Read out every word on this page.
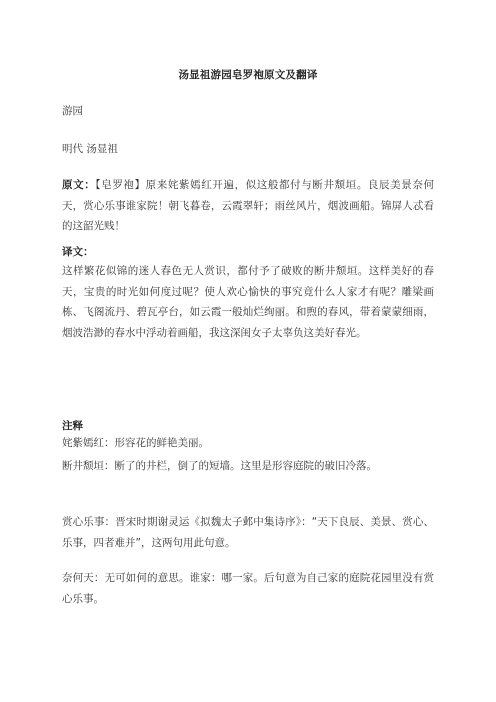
汤显祖游园皂罗袍原文及翻译
游园
明代 汤显祖
原文：【皂罗袍】原来姹紫嫣红开遍，似这般都付与断井颓垣。良辰美景奈何天，赏心乐事谁家院！朝飞暮卷，云霞翠轩；雨丝风片，烟波画船。锦屏人忒看的这韶光贱！
译文：
这样繁花似锦的迷人春色无人赏识，都付予了破败的断井颓垣。这样美好的春天，宝贵的时光如何度过呢？使人欢心愉快的事究竟什么人家才有呢？雕梁画栋、飞阁流丹、碧瓦亭台，如云霞一般灿烂绚丽。和煦的春风，带着蒙蒙细雨，烟波浩渺的春水中浮动着画船，我这深闺女子太辜负这美好春光。
注释
姹紫嫣红：形容花的鲜艳美丽。
断井颓垣：断了的井栏，倒了的短墙。这里是形容庭院的破旧冷落。
赏心乐事：晋宋时期谢灵运《拟魏太子邺中集诗序》：“天下良辰、美景、赏心、乐事，四者难并”，这两句用此句意。
奈何天：无可如何的意思。谁家：哪一家。后句意为自己家的庭院花园里没有赏心乐事。
